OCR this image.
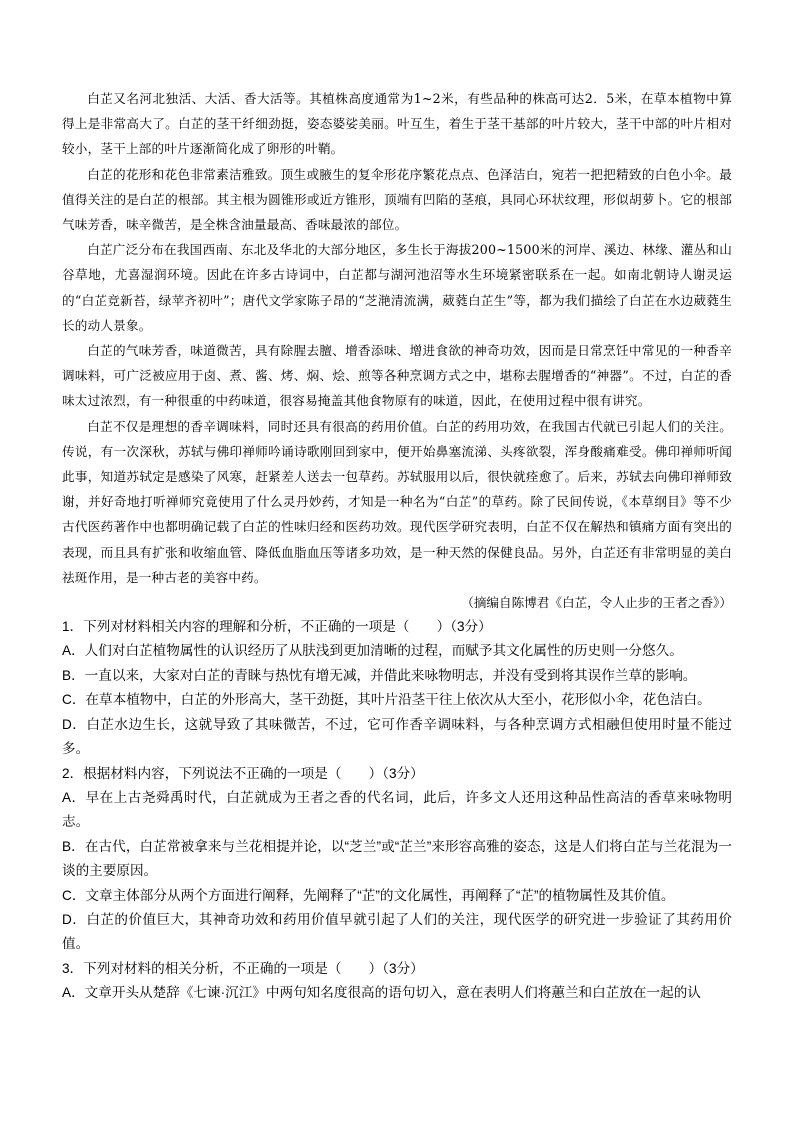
白芷又名河北独活、大活、香大活等。其植株高度通常为1~2米，有些品种的株高可达2．5米，在草本植物中算得上是非常高大了。白芷的茎干纤细劲挺，姿态婆娑美丽。叶互生，着生于茎干基部的叶片较大，茎干中部的叶片相对较小，茎干上部的叶片逐渐简化成了卵形的叶鞘。

白芷的花形和花色非常素洁雅致。顶生或腋生的复伞形花序繁花点点、色泽洁白，宛若一把把精致的白色小伞。最值得关注的是白芷的根部。其主根为圆锥形或近方锥形，顶端有凹陷的茎痕，具同心环状纹理，形似胡萝卜。它的根部气味芳香，味辛微苦，是全株含油量最高、香味最浓的部位。

白芷广泛分布在我国西南、东北及华北的大部分地区，多生长于海拔200~1500米的河岸、溪边、林缘、灌丛和山谷草地，尤喜湿润环境。因此在许多古诗词中，白芷都与湖河池沼等水生环境紧密联系在一起。如南北朝诗人谢灵运的“白芷竞新苔，绿苹齐初叶”；唐代文学家陈子昂的“芝滟清流满，葳蕤白芷生”等，都为我们描绘了白芷在水边葳蕤生长的动人景象。

白芷的气味芳香，味道微苦，具有除腥去膻、增香添味、增进食欲的神奇功效，因而是日常烹饪中常见的一种香辛调味料，可广泛被应用于卤、煮、酱、烤、焖、烩、煎等各种烹调方式之中，堪称去腥增香的“神器”。不过，白芷的香味太过浓烈，有一种很重的中药味道，很容易掩盖其他食物原有的味道，因此，在使用过程中很有讲究。

白芷不仅是理想的香辛调味料，同时还具有很高的药用价值。白芷的药用功效，在我国古代就已引起人们的关注。传说，有一次深秋，苏轼与佛印禅师吟诵诗歌刚回到家中，便开始鼻塞流涕、头疼欲裂，浑身酸痛难受。佛印禅师听闻此事，知道苏轼定是感染了风寒，赶紧差人送去一包草药。苏轼服用以后，很快就痊愈了。后来，苏轼去向佛印禅师致谢，并好奇地打听禅师究竟使用了什么灵丹妙药，才知是一种名为“白芷”的草药。除了民间传说，《本草纲目》等不少古代医药著作中也都明确记载了白芷的性味归经和医药功效。现代医学研究表明，白芷不仅在解热和镇痛方面有突出的表现，而且具有扩张和收缩血管、降低血脂血压等诸多功效，是一种天然的保健良品。另外，白芷还有非常明显的美白祛斑作用，是一种古老的美容中药。

（摘编自陈博君《白芷，令人止步的王者之香》）

1．下列对材料相关内容的理解和分析，不正确的一项是（　　）（3分）

A．人们对白芷植物属性的认识经历了从肤浅到更加清晰的过程，而赋予其文化属性的历史则一分悠久。

B．一直以来，大家对白芷的青睐与热忱有增无减，并借此来咏物明志，并没有受到将其误作兰草的影响。

C．在草本植物中，白芷的外形高大，茎干劲挺，其叶片沿茎干往上依次从大至小，花形似小伞，花色洁白。

D．白芷水边生长，这就导致了其味微苦，不过，它可作香辛调味料，与各种烹调方式相融但使用时量不能过多。

2．根据材料内容，下列说法不正确的一项是（　　）（3分）

A．早在上古尧舜禹时代，白芷就成为王者之香的代名词，此后，许多文人还用这种品性高洁的香草来咏物明志。

B．在古代，白芷常被拿来与兰花相提并论，以“芝兰”或“芷兰”来形容高雅的姿态，这是人们将白芷与兰花混为一谈的主要原因。

C．文章主体部分从两个方面进行阐释，先阐释了“芷”的文化属性，再阐释了“芷”的植物属性及其价值。

D．白芷的价值巨大，其神奇功效和药用价值早就引起了人们的关注，现代医学的研究进一步验证了其药用价值。

3．下列对材料的相关分析，不正确的一项是（　　）（3分）

A．文章开头从楚辞《七谏·沉江》中两句知名度很高的语句切入，意在表明人们将蕙兰和白芷放在一起的认
